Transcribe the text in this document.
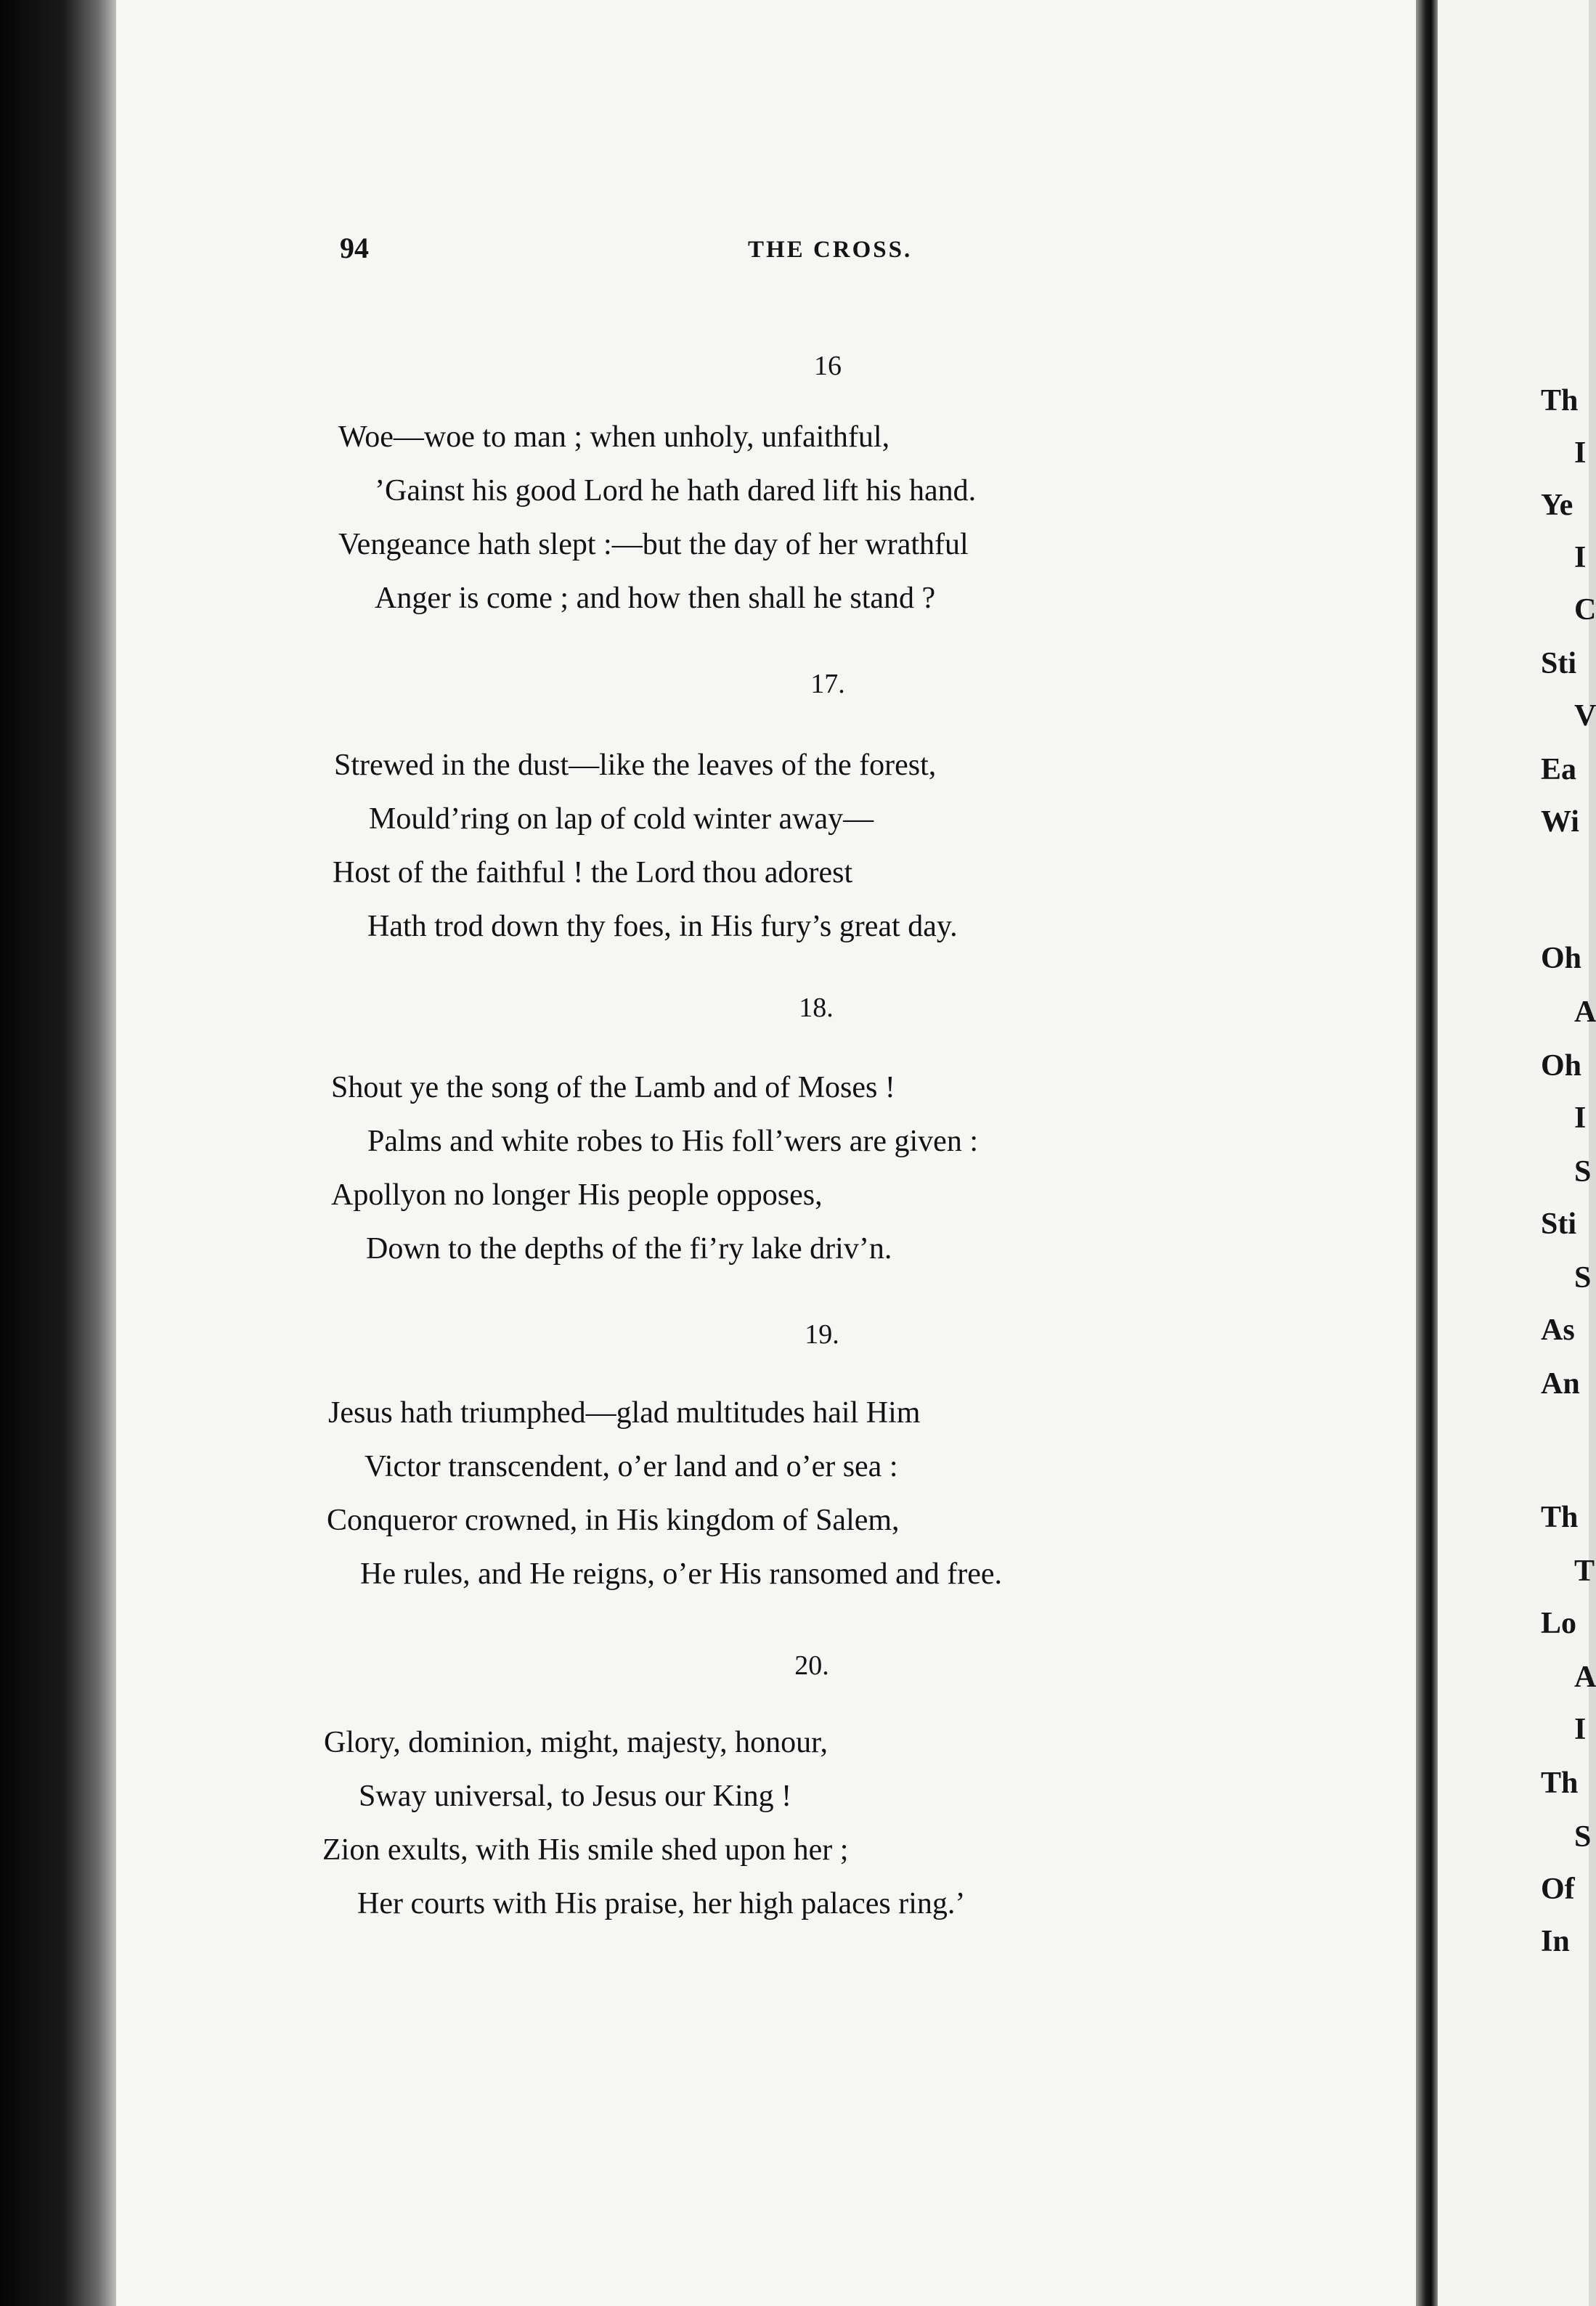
94	THE CROSS.
16
Woe—woe to man ; when unholy, unfaithful,
’Gainst his good Lord he hath dared lift his hand.
Vengeance hath slept :—but the day of her wrathful
Anger is come ; and how then shall he stand ?
17.
Strewed in the dust—like the leaves of the forest,
Mould’ring on lap of cold winter away—
Host of the faithful ! the Lord thou adorest
Hath trod down thy foes, in His fury’s great day.
18.
Shout ye the song of the Lamb and of Moses !
Palms and white robes to His foll’wers are given :
Apollyon no longer His people opposes,
Down to the depths of the fi’ry lake driv’n.
19.
Jesus hath triumphed—glad multitudes hail Him
Victor transcendent, o’er land and o’er sea :
Conqueror crowned, in His kingdom of Salem,
He rules, and He reigns, o’er His ransomed and free.
20.
Glory, dominion, might, majesty, honour,
Sway universal, to Jesus our King !
Zion exults, with His smile shed upon her ;
Her courts with His praise, her high palaces ring.’
Th
I
Ye
I
C
Sti
V
Ea
Wi
Oh
A
Oh
I
S
Sti
S
As
An
Th
T
Lo
A
I
Th
S
Of
In
